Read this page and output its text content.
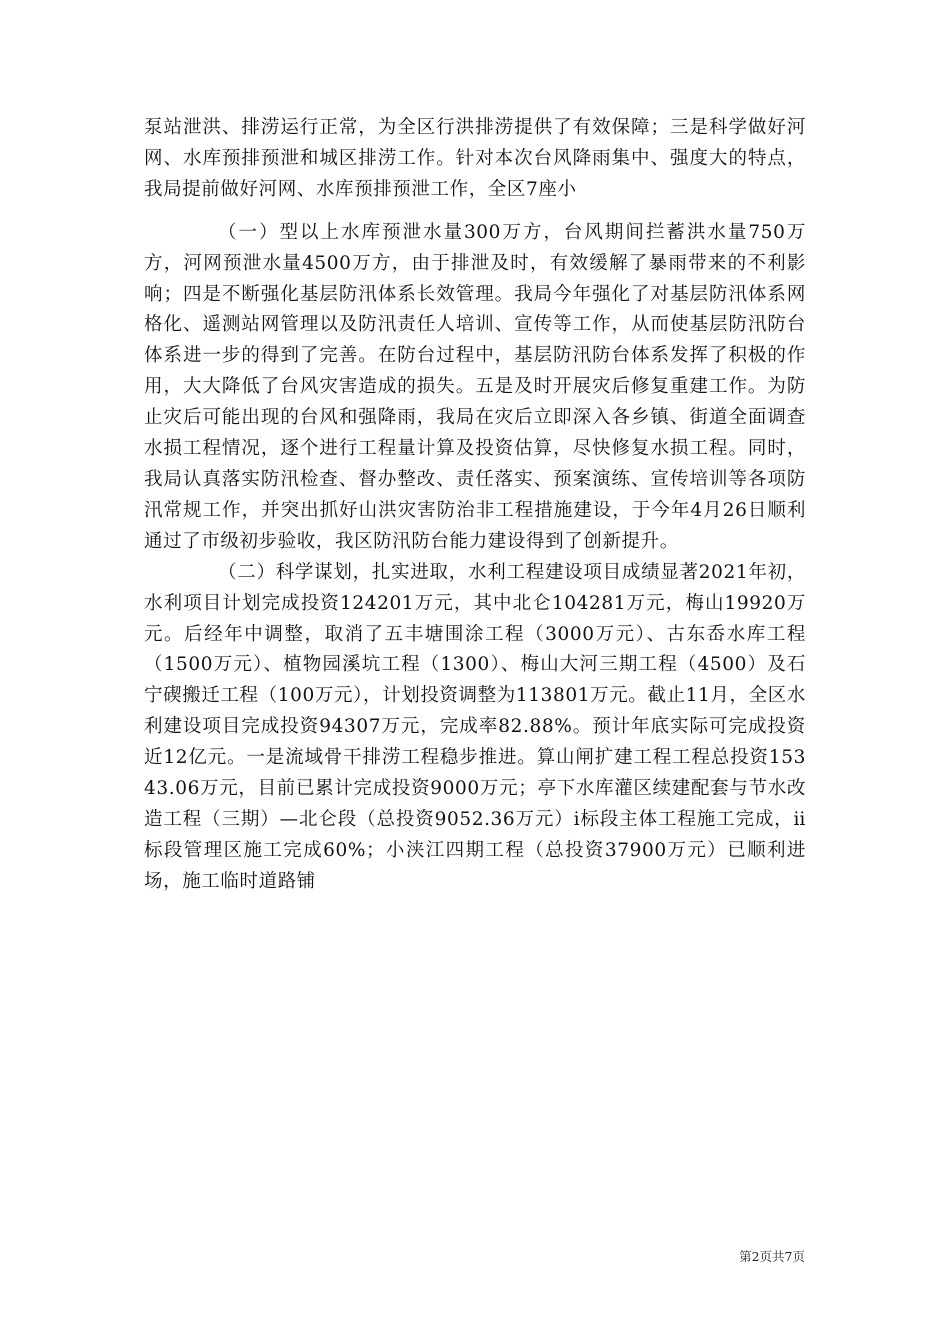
泵站泄洪、排涝运行正常，为全区行洪排涝提供了有效保障；三是科学做好河网、水库预排预泄和城区排涝工作。针对本次台风降雨集中、强度大的特点，我局提前做好河网、水库预排预泄工作，全区7座小

（一）型以上水库预泄水量300万方，台风期间拦蓄洪水量750万方，河网预泄水量4500万方，由于排泄及时，有效缓解了暴雨带来的不利影响；四是不断强化基层防汛体系长效管理。我局今年强化了对基层防汛体系网格化、遥测站网管理以及防汛责任人培训、宣传等工作，从而使基层防汛防台体系进一步的得到了完善。在防台过程中，基层防汛防台体系发挥了积极的作用，大大降低了台风灾害造成的损失。五是及时开展灾后修复重建工作。为防止灾后可能出现的台风和强降雨，我局在灾后立即深入各乡镇、街道全面调查水损工程情况，逐个进行工程量计算及投资估算，尽快修复水损工程。同时，我局认真落实防汛检查、督办整改、责任落实、预案演练、宣传培训等各项防汛常规工作，并突出抓好山洪灾害防治非工程措施建设，于今年4月26日顺利通过了市级初步验收，我区防汛防台能力建设得到了创新提升。

（二）科学谋划，扎实进取，水利工程建设项目成绩显著2021年初，水利项目计划完成投资124201万元，其中北仑104281万元，梅山19920万元。后经年中调整，取消了五丰塘围涂工程（3000万元）、古东岙水库工程（1500万元）、植物园溪坑工程（1300）、梅山大河三期工程（4500）及石宁碶搬迁工程（100万元），计划投资调整为113801万元。截止11月，全区水利建设项目完成投资94307万元，完成率82.88%。预计年底实际可完成投资近12亿元。一是流域骨干排涝工程稳步推进。算山闸扩建工程工程总投资15343.06万元，目前已累计完成投资9000万元；亭下水库灌区续建配套与节水改造工程（三期）—北仑段（总投资9052.36万元）ⅰ标段主体工程施工完成，ⅱ标段管理区施工完成60%；小浃江四期工程（总投资37900万元）已顺利进场，施工临时道路铺

第2页共7页
